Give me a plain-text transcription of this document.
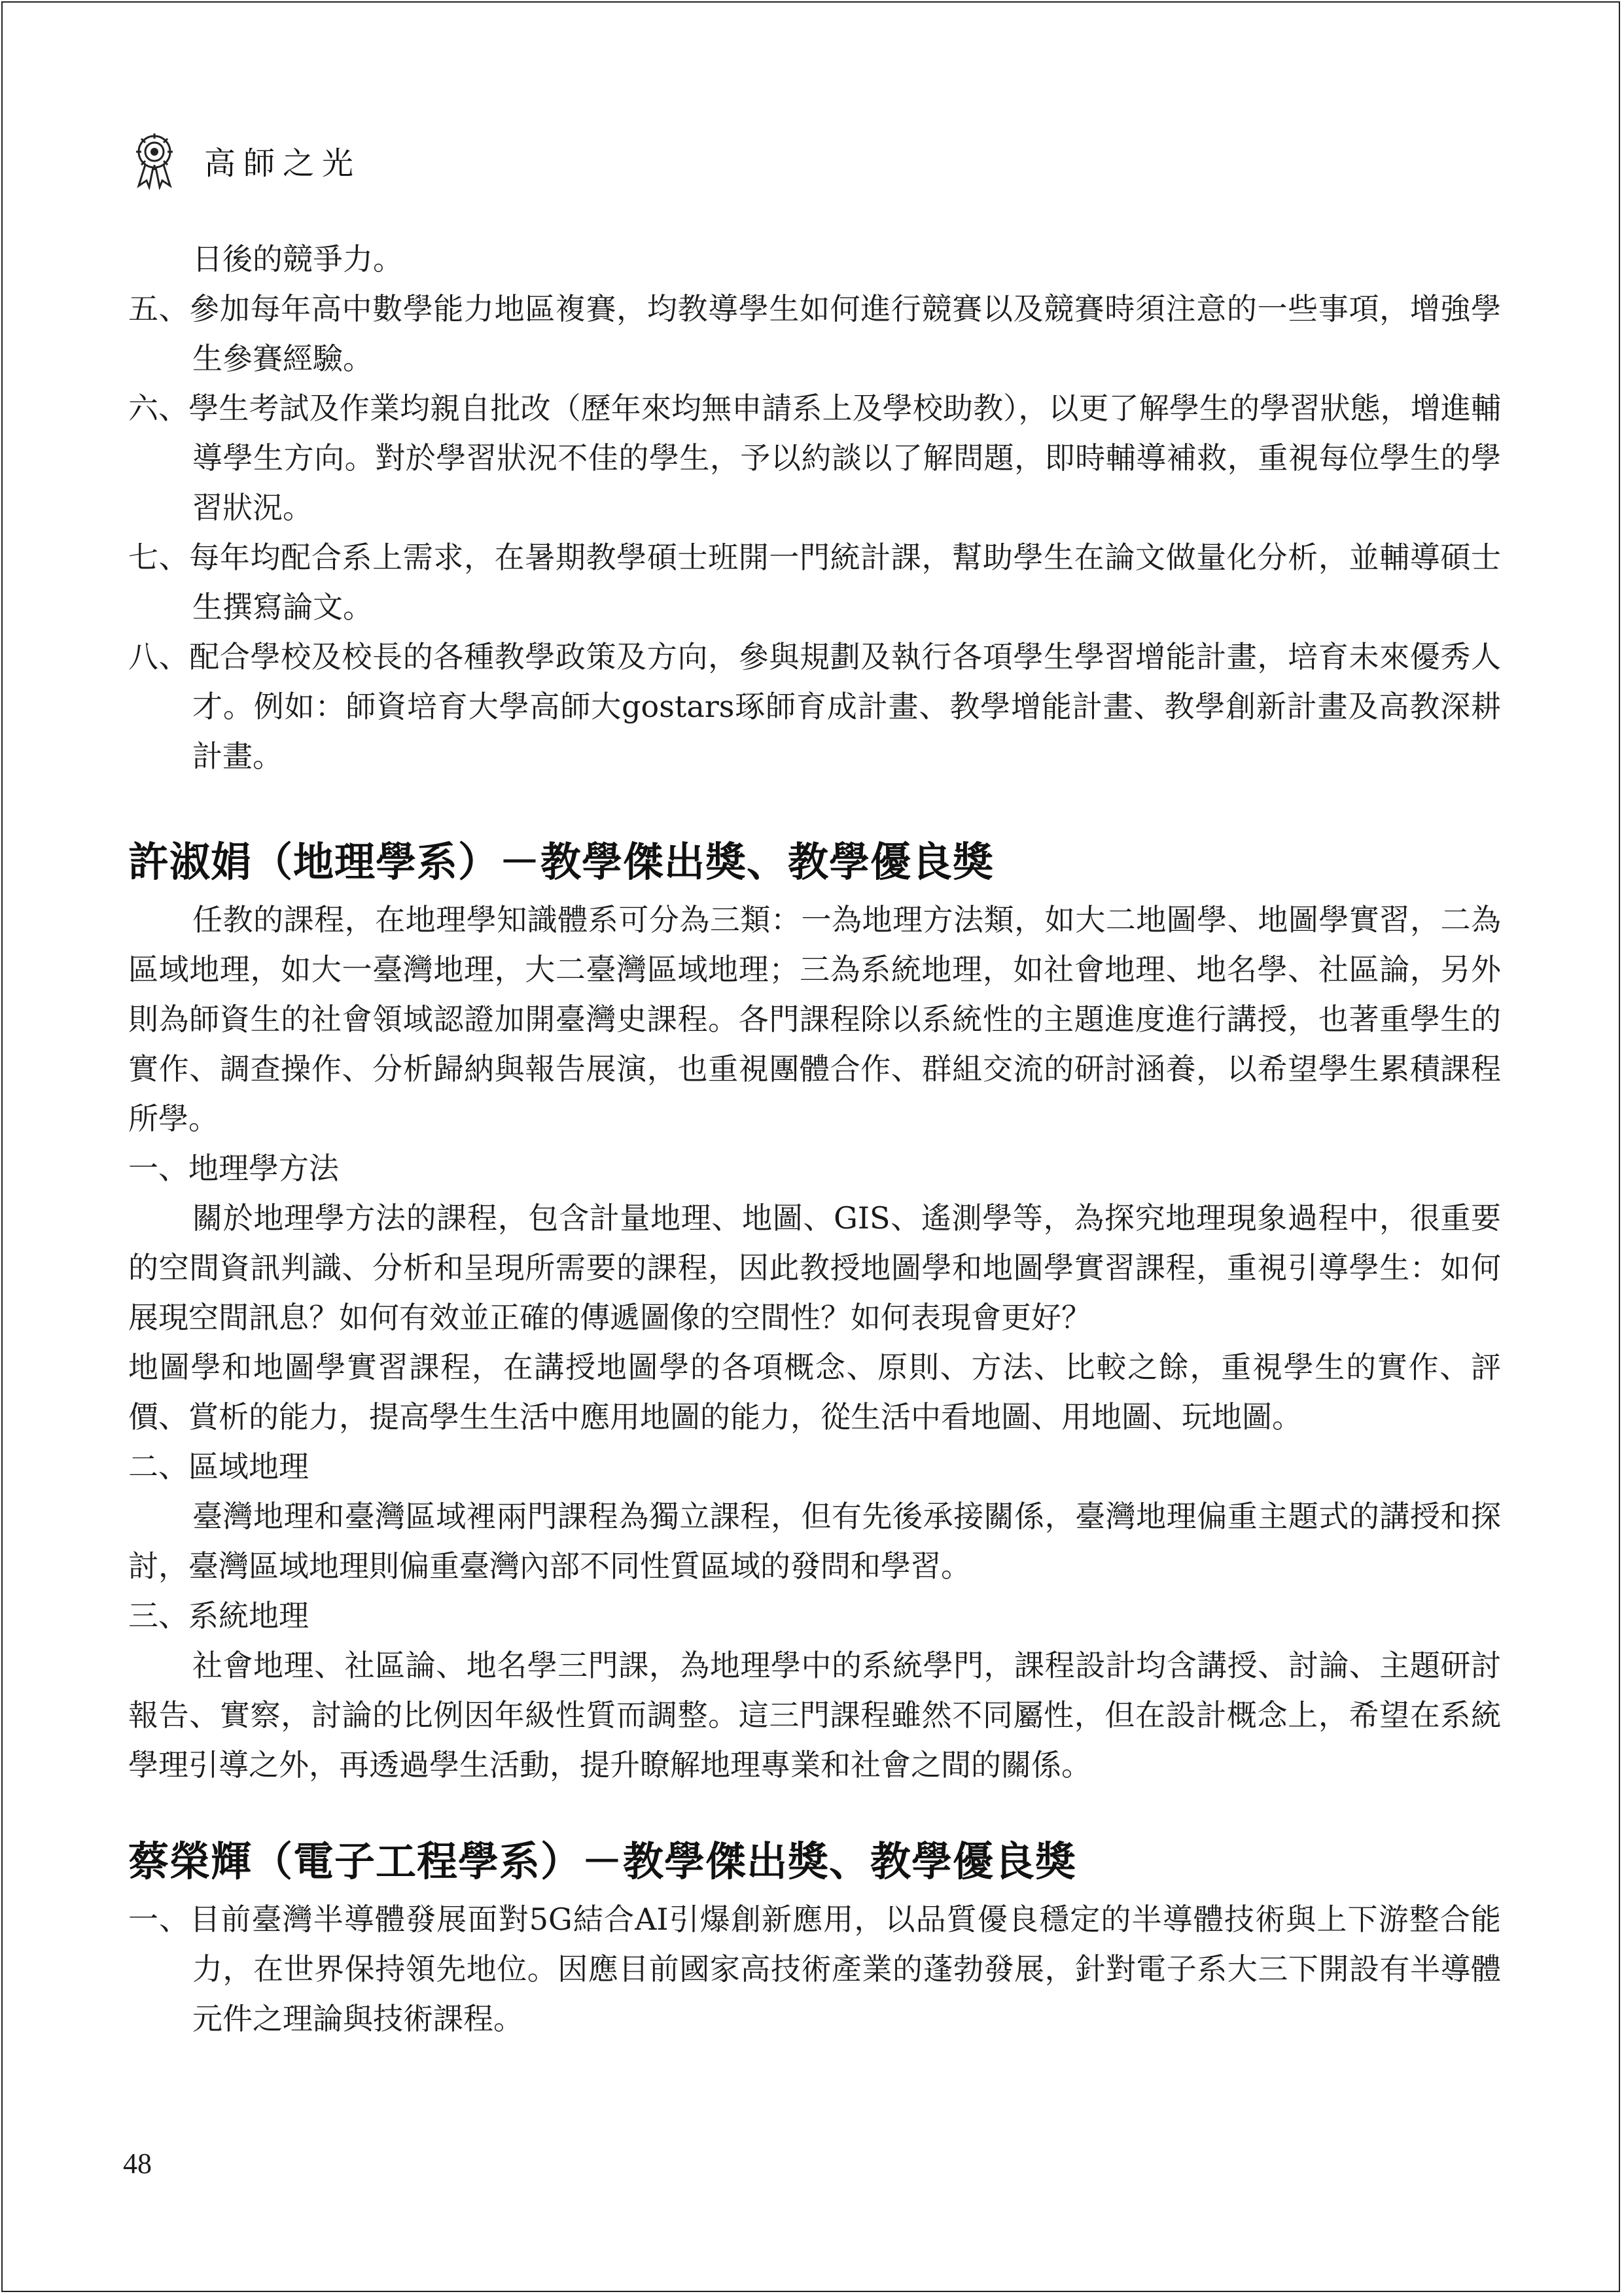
高師之光

日後的競爭力。

五、參加每年高中數學能力地區複賽，均教導學生如何進行競賽以及競賽時須注意的一些事項，增強學生參賽經驗。

六、學生考試及作業均親自批改（歷年來均無申請系上及學校助教），以更了解學生的學習狀態，增進輔導學生方向。對於學習狀況不佳的學生，予以約談以了解問題，即時輔導補救，重視每位學生的學習狀況。

七、每年均配合系上需求，在暑期教學碩士班開一門統計課，幫助學生在論文做量化分析，並輔導碩士生撰寫論文。

八、配合學校及校長的各種教學政策及方向，參與規劃及執行各項學生學習增能計畫，培育未來優秀人才。例如：師資培育大學高師大gostars琢師育成計畫、教學增能計畫、教學創新計畫及高教深耕計畫。

許淑娟（地理學系）－教學傑出獎、教學優良獎

任教的課程，在地理學知識體系可分為三類：一為地理方法類，如大二地圖學、地圖學實習，二為區域地理，如大一臺灣地理，大二臺灣區域地理；三為系統地理，如社會地理、地名學、社區論，另外則為師資生的社會領域認證加開臺灣史課程。各門課程除以系統性的主題進度進行講授，也著重學生的實作、調查操作、分析歸納與報告展演，也重視團體合作、群組交流的研討涵養，以希望學生累積課程所學。

一、地理學方法

關於地理學方法的課程，包含計量地理、地圖、GIS、遙測學等，為探究地理現象過程中，很重要的空間資訊判識、分析和呈現所需要的課程，因此教授地圖學和地圖學實習課程，重視引導學生：如何展現空間訊息？如何有效並正確的傳遞圖像的空間性？如何表現會更好？

地圖學和地圖學實習課程，在講授地圖學的各項概念、原則、方法、比較之餘，重視學生的實作、評價、賞析的能力，提高學生生活中應用地圖的能力，從生活中看地圖、用地圖、玩地圖。

二、區域地理

臺灣地理和臺灣區域裡兩門課程為獨立課程，但有先後承接關係，臺灣地理偏重主題式的講授和探討，臺灣區域地理則偏重臺灣內部不同性質區域的發問和學習。

三、系統地理

社會地理、社區論、地名學三門課，為地理學中的系統學門，課程設計均含講授、討論、主題研討報告、實察，討論的比例因年級性質而調整。這三門課程雖然不同屬性，但在設計概念上，希望在系統學理引導之外，再透過學生活動，提升瞭解地理專業和社會之間的關係。

蔡榮輝（電子工程學系）－教學傑出獎、教學優良獎

一、目前臺灣半導體發展面對5G結合AI引爆創新應用，以品質優良穩定的半導體技術與上下游整合能力，在世界保持領先地位。因應目前國家高技術產業的蓬勃發展，針對電子系大三下開設有半導體元件之理論與技術課程。

48
